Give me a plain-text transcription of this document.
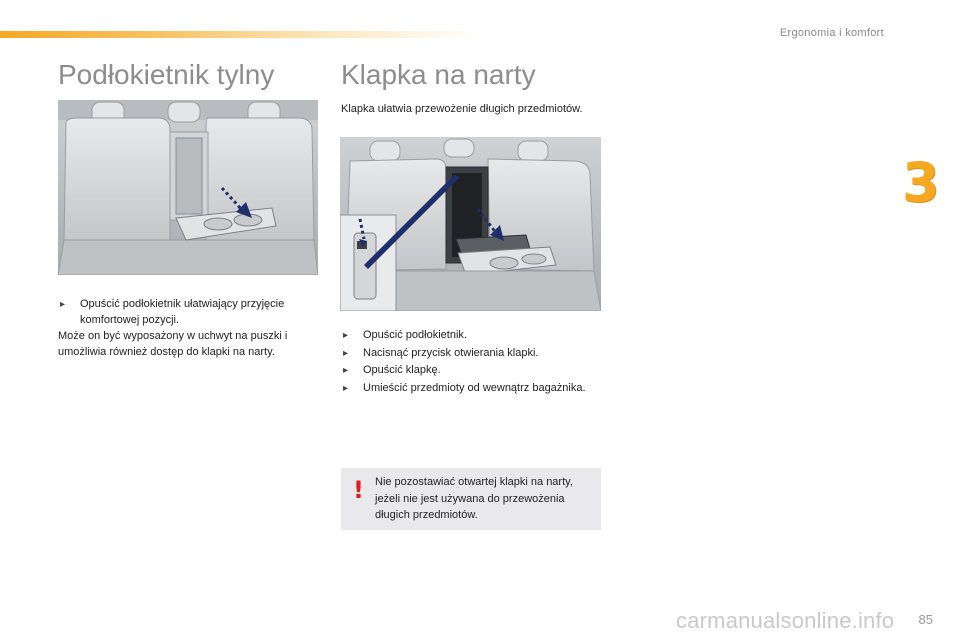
Ergonomia i komfort
3
Podłokietnik tylny Klapka na narty
▸ Opuścić podłokietnik ułatwiający przyjęcie komfortowej pozycji.

Może on być wyposażony w uchwyt na puszki i umożliwia również dostęp do klapki na narty.

Klapka ułatwia przewożenie długich przedmiotów.
▸ Opuścić podłokietnik.
▸ Nacisnąć przycisk otwierania klapki.
▸ Opuścić klapkę.
▸ Umieścić przedmioty od wewnątrz bagażnika.
! Nie pozostawiać otwartej klapki na narty, jeżeli nie jest używana do przewożenia długich przedmiotów.
carmanualsonline.info 85
